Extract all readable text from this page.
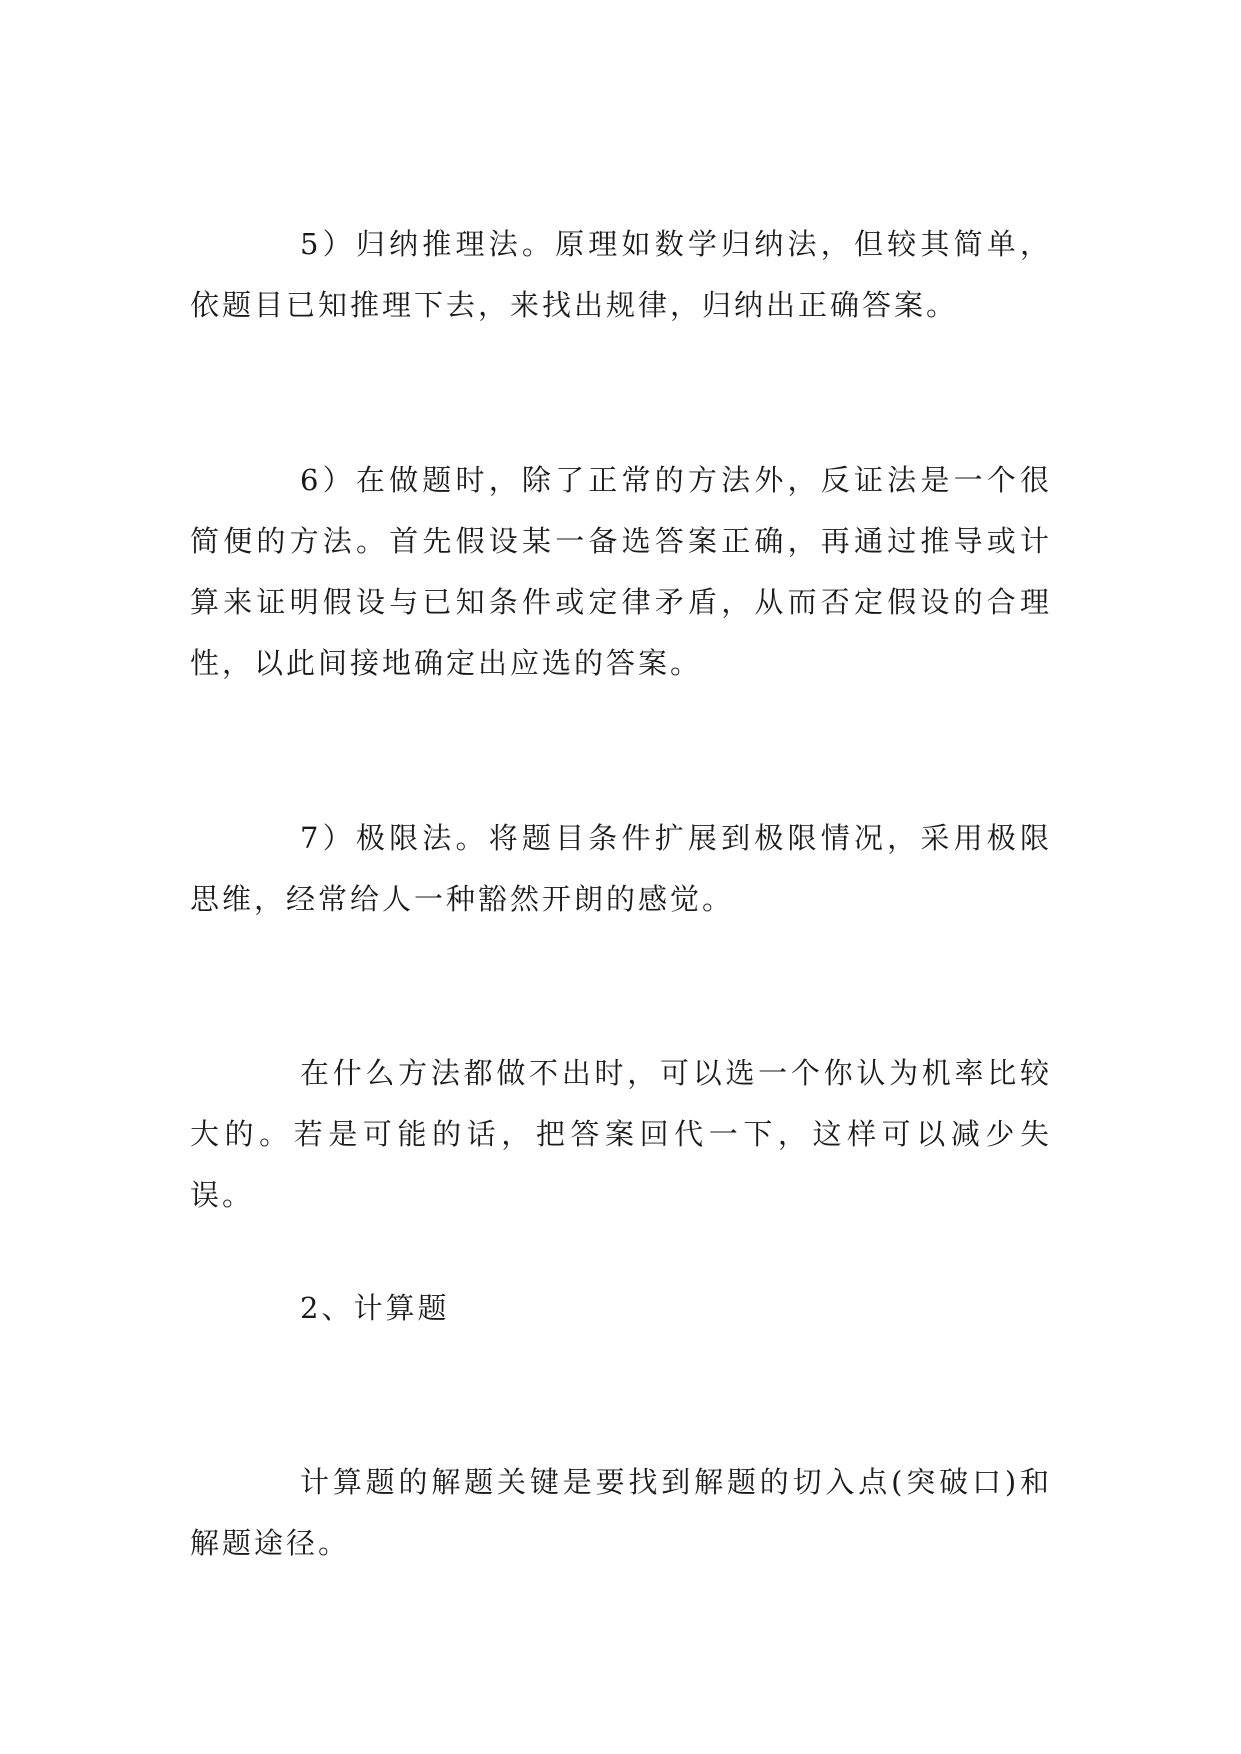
5）归纳推理法。原理如数学归纳法，但较其简单，依题目已知推理下去，来找出规律，归纳出正确答案。

6）在做题时，除了正常的方法外，反证法是一个很简便的方法。首先假设某一备选答案正确，再通过推导或计算来证明假设与已知条件或定律矛盾，从而否定假设的合理性，以此间接地确定出应选的答案。

7）极限法。将题目条件扩展到极限情况，采用极限思维，经常给人一种豁然开朗的感觉。

在什么方法都做不出时，可以选一个你认为机率比较大的。若是可能的话，把答案回代一下，这样可以减少失误。

2、计算题

计算题的解题关键是要找到解题的切入点(突破口)和解题途径。
